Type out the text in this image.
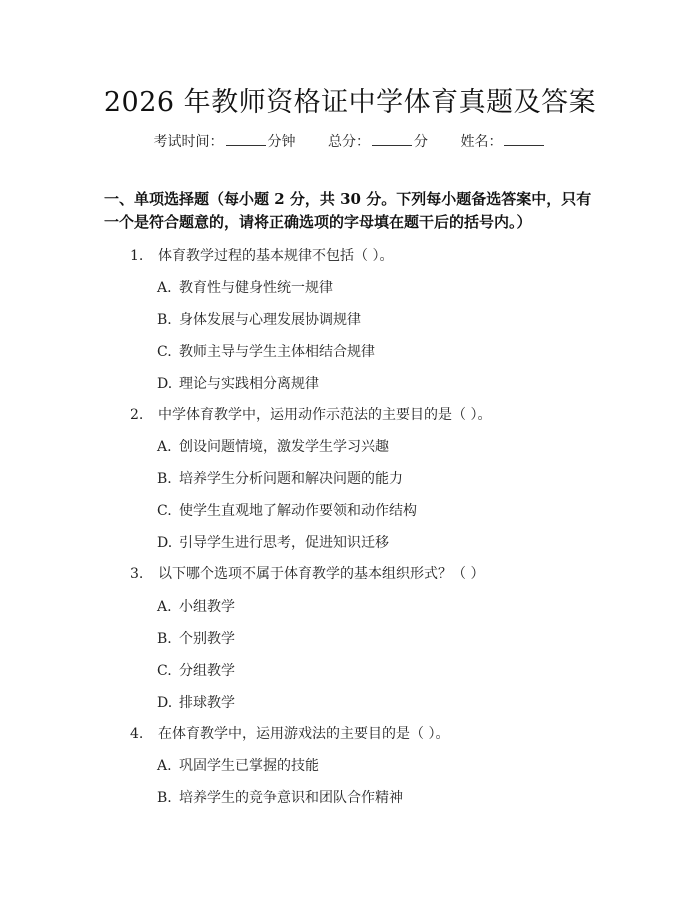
2026 年教师资格证中学体育真题及答案
考试时间：	分钟 总分：	分 姓名：
一、单项选择题（每小题 2 分，共 30 分。下列每小题备选答案中，只有一个是符合题意的，请将正确选项的字母填在题干后的括号内。）
1. 体育教学过程的基本规律不包括（ ）。
A. 教育性与健身性统一规律
B. 身体发展与心理发展协调规律
C. 教师主导与学生主体相结合规律
D. 理论与实践相分离规律
2. 中学体育教学中，运用动作示范法的主要目的是（ ）。
A. 创设问题情境，激发学生学习兴趣
B. 培养学生分析问题和解决问题的能力
C. 使学生直观地了解动作要领和动作结构
D. 引导学生进行思考，促进知识迁移
3. 以下哪个选项不属于体育教学的基本组织形式？（ ）
A. 小组教学
B. 个别教学
C. 分组教学
D. 排球教学
4. 在体育教学中，运用游戏法的主要目的是（ ）。
A. 巩固学生已掌握的技能
B. 培养学生的竞争意识和团队合作精神
